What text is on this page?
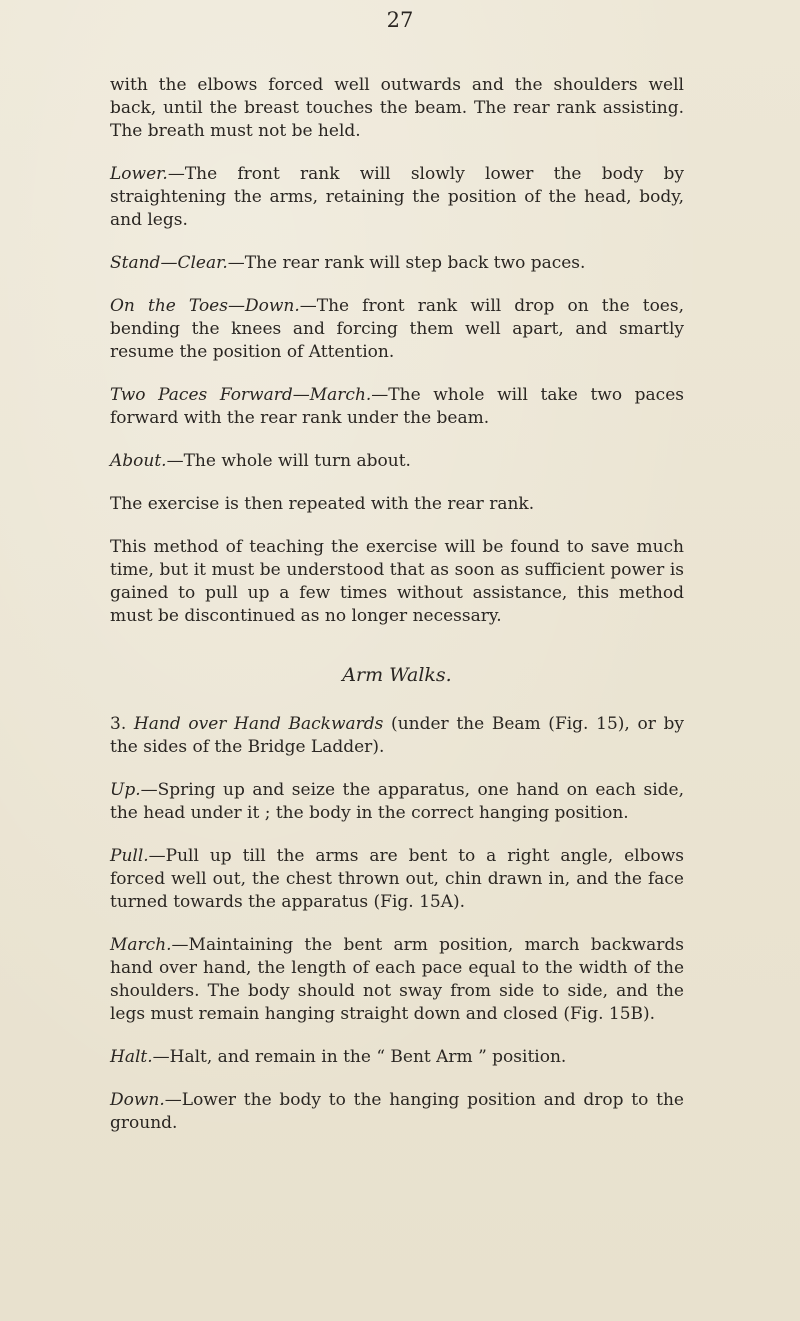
27

with the elbows forced well outwards and the shoulders well back, until the breast touches the beam. The rear rank assisting. The breath must not be held.

Lower.—The front rank will slowly lower the body by straightening the arms, retaining the position of the head, body, and legs.

Stand—Clear.—The rear rank will step back two paces.

On the Toes—Down.—The front rank will drop on the toes, bending the knees and forcing them well apart, and smartly resume the position of Attention.

Two Paces Forward—March.—The whole will take two paces forward with the rear rank under the beam.

About.—The whole will turn about.

The exercise is then repeated with the rear rank.

This method of teaching the exercise will be found to save much time, but it must be understood that as soon as sufficient power is gained to pull up a few times without assistance, this method must be discontinued as no longer necessary.

Arm Walks.

3. Hand over Hand Backwards (under the Beam (Fig. 15), or by the sides of the Bridge Ladder).

Up.—Spring up and seize the apparatus, one hand on each side, the head under it ; the body in the correct hanging position.

Pull.—Pull up till the arms are bent to a right angle, elbows forced well out, the chest thrown out, chin drawn in, and the face turned towards the apparatus (Fig. 15A).

March.—Maintaining the bent arm position, march backwards hand over hand, the length of each pace equal to the width of the shoulders. The body should not sway from side to side, and the legs must remain hanging straight down and closed (Fig. 15B).

Halt.—Halt, and remain in the “ Bent Arm ” position.

Down.—Lower the body to the hanging position and drop to the ground.
